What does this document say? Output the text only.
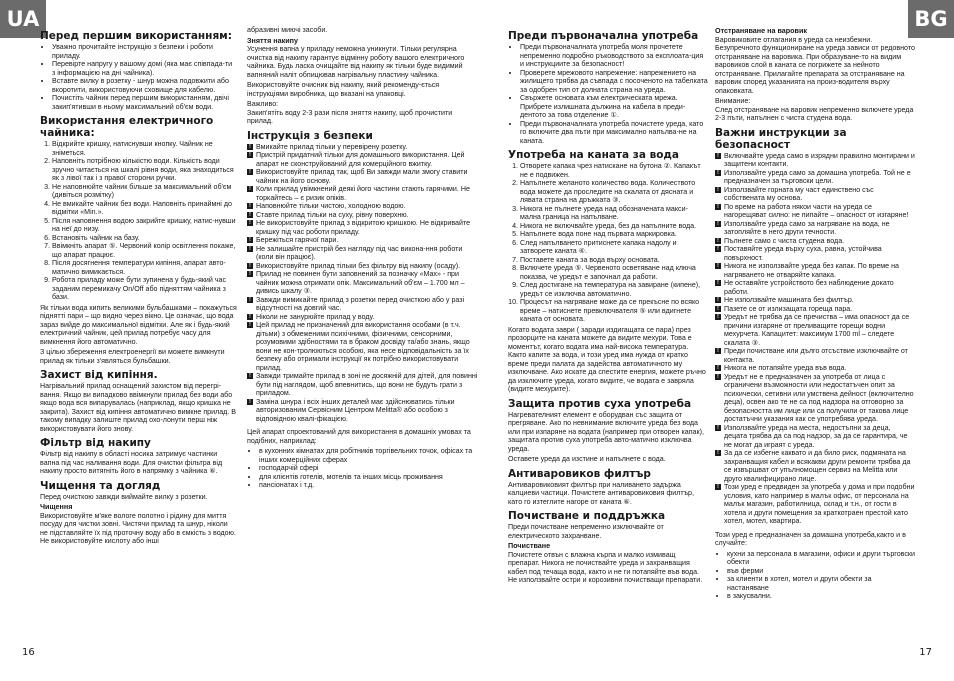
UA	BG
Перед першим використанням:
• Уважно прочитайте інструкцію з безпеки і роботи приладу.
• Перевірте напругу у вашому домі (яка має співпада-ти з інформацією на дні чайника).
• Вставте вилку в розетку - шнур можна подовжити або вкоротити, використовуючи сховище для кабелю.
• Почистіть чайник перед першим використанням, двічі закип'ятивши в ньому максимальний об'єм води.
Використання електричного чайника:
1. Відкрийте кришку, натиснувши кнопку. Чайник не зніметься.
2. Наповніть потрібною кількістю води. Кількість води зручно читається на шкалі рівня води, яка знаходиться як з лівої так і з правої сторони ручки.
3. Не наповнюйте чайник більше за максимальний об'єм (дивіться розмітку)
4. Не вмикайте чайник без води. Наповніть принаймні до відмітки «Min.».
5. Після наповнення водою закрийте кришку, натис-нувши на неї до низу.
6. Встановіть чайник на базу.
7. Ввімкніть апарат ⑤. Червоний колір освітлення покаже, що апарат працює.
8. Після досягнення температури кипіння, апарат авто-матично вимикається.
9. Робота приладу може бути зупинена у будь-який час заданим перемикачу On/Off або підняттям чайника з бази.

Як тільки вода кипить великими бульбашками – покажуться піднятті пари – що видно через вікно. Це означає, що вода зараз вийде до максимальної відмітки. Але як і будь-який електричний чайник, цей прилад потребує часу для вимкнення його автоматично.

З цілью збереження електроенергії ви можете вимкнути прилад як тільки з'являться бульбашки.

Захист від кипіння.

Нагрівальний прилад оснащений захистом від перегрі-вання. Якщо ви випадково ввімкнули прилад без води або якщо вода вся випарувалась (наприклад, якщо кришка не закрита). Захист від кипіння автоматично вимкне прилад. В такому випадку залиште прилад охо-лонути перш ніж використовувати його знову.

Фільтр від накипу

Фільтр від накипу в області носика затримує частинки вапна під час наливання води. Для очистки фільтра від накипу просто витягніть його в напрямку з чайника ⑥.

Чищення та догляд

Перед очисткою завжди виймайте вилку з розетки.

Чищення

Використовуйте м'яке вологе полотно і рідину для миття посуду для чистки зовні. Чистячи прилад та шнур, ніколи не підставляйте їх під проточну воду або в ємкість з водою. Не використовуйте кислоту або інші

абразивні миючі засоби.

Зняття накипу

Усунення вапна у приладу неможна уникнути. Тільки регулярна очистка від накипу гарантує відмінну роботу вашого електричного чайника. Будь ласка очищайте від накипу як тільки буде видимий вапняний наліт обпицював нагрівальну пластину чайника.

Використовуйте очисник від накипу, який рекоменду-ється інструкціями виробника, що вказані на упаковці.

Важливо:

Закип'ятіть воду 2-3 рази після зняття накипу, щоб прочистити прилад.

Інструкція з безпеки
! Вмикайте прилад тільки у перевірену розетку.
! Пристрій придатний тільки для домашнього використання. Цей апарат не сконструйований для комерційного вжитку.
! Використовуйте прилад так, щоб Ви завжди мали змогу ставити чайник на його основу.
! Коли прилад увімкнений деякі його частини стають гарячими. Не торкайтесь – є ризик опіків.
! Наповнюйте тільки чистою, холодною водою.
! Ставте прилад тільки на суху, рівну поверхню.
! Не використовуйте прилад з відкритою кришкою. Не відкривайте кришку під час роботи приладу.
! Бережіться гарячої пари.
! Не залишайте пристрій без нагляду під час викона-ння роботи (коли він працює).
! Використовуйте прилад тільки без фільтру від накипу (осаду).
! Прилад не повинен бути заповнений за позначку «Max» - при чайник можна отримати опік. Максимальний об'єм – 1.700 мл – дивись шкалу ③.
! Завжди вимикайте прилад з розетки перед очисткою або у разі відсутності на довгий час.
! Ніколи не занурюйте прилад у воду.
! Цей прилад не призначений для використання особами (в т.ч. дітьми) з обмеженими психічними, фізичними, сенсорними, розумовими здібностями та в браком досвіду та/або знань, якщо вони не кон-тролюються особою, яка несе відповідальність за їх безпеку або отримали інструкції як потрібно використовувати прилад.
! Завжди тримайте прилад в зоні не досяжній для дітей, для повинні бути під наглядом, щоб впевнитись, що вони не будуть грати з приладом.
! Заміна шнура і всіх інших деталей має здійснюватись тільки авторизованим Сервісним Центром Melitta® або особою з відповідною квалі-фікацією.

Цей апарат спроектований для використання в домашніх умовах та подібних, наприклад:

• в кухонних кімнатах для робітників торгівельних точок, офісах та інших комерційних сферах
• господарчій сфері
• для клієнтів готелів, мотелів та інших місць проживання
• пансіонатах і т.д.
Преди първоначална употреба
• Преди първоначалната употреба моля прочетете непременно подробно ръководството за експлоата-ция и инструкциите за безопасност!
• Проверете мрежовото напрежение: напрежението на жилището трябва да съвпада с посоченото на табелката за одобрен тип от долната страна на уреда.
• Свържете основата към електрическата мрежа. Прибрете излишната дължина на кабела в преди-дентото за това отделение ①.
• Преди първоначалната употреба почистете уреда, като го включите два пъти при максимално напълва-не на каната.
Употреба на каната за вода
1. Отворете капака чрез натискане на бутона ②. Капакът не е подвижен.
2. Напълнете желаното количество вода. Количеството вода можете да проследите на скалата от дясната и лявата страна на дръжката ③.
3. Никога не пълнете уреда над обозначената макси-мална граница на напълване.
4. Никога не включвайте уреда, без да напълните вода.
5. Напълнете вода поне над първата маркировка.
6. След напълването притиснете капака надолу и затворете каната ④.
7. Поставете каната за вода върху основата.
8. Включете уреда ⑤. Червеното осветяване над ключа показва, че уредът е започнал да работи.
9. След достигане на температура на завиране (кипене), уредът се изключва автоматично.
10. Процесът на нагряване може да се прекъсне по всяко време – натиснете превключвателя ⑤ или вдигнете каната от основата.

Когато водата заври ( заради издигащата се пара) през прозорците на каната можете да видите мехури. Това е моментът, когато водата има най-висока температура. Както капите за вода, и този уред има нужда от кратко време преди палата да задейства автоматичното му изключване. Ако искате да спестите енергия, можете ръчно да изключите уреда, когато видите, че водата е завряла (видите мехурите).

Защита против суха употреба

Нагревателният елемент е оборудван със защита от прегряване. Ако по невнимание включите уреда без вода или при изпаряне на водата (например при отворен капак), защитата против суха употреба авто-матично изключва уреда.

Оставете уреда да изстине и напълнете с вода.

Антиваровиков филтър

Антиваровиковият филтър при наливането задържа калциеви частици. Почистете антиваровиковия филтър, като го изтеглите нагоре от каната ⑥.

Почистване и поддръжка

Преди почистване непременно изключвайте от електрическото захранване.

Почистване

Почистете отвън с влажна кърпа и малко измиващ препарат. Никога не почиствайте уреда и захранващия кабел под течаща вода, както и не ги потапяйте във вода. Не използвайте остри и корозивни почистващи препарати.

Отстраняване на варовик

Варовиковите отлагания в уреда са неизбежни. Безупречното функциониране на уреда зависи от редовното отстраняване на варовика. При образуване-то на видим варовиков слой в каната се погрижете за нейното отстраняване. Прилагайте препарата за отстраняване на варовик според указанията на произ-водителя върху опаковката.

Внимание:

След отстраняване на варовик непременно включете уреда 2-3 пъти, напълнен с чиста студена вода.

Важни инструкции за безопасност
! Включвайте уреда само в изрядни правилно монтирани и защитени контакти.
! Използвайте уреда само за домашна употреба. Той не е предназначен за търговски цели.
! Използвайте горната му част единствено със собствената му основа.
! По време на работа някои части на уреда се нагорещяват силно: не пипайте – опасност от изгаряне!
! Използвайте уреда само за нагряване на вода, не затопляйте в него други течности.
! Пълнете само с чиста студена вода.
! Поставяйте уреда върху суха, равна, устойчива повърхност.
! Никога не използвайте уреда без капак. По време на нагряването не отваряйте капака.
! Не оставяйте устройството без наблюдение докато работи.
! Не използвайте машината без филтър.
! Пазете се от излизащата гореща пара.
! Уредът не трябва да се пречиства – има опасност да се причини изгаряне от преливащите горещи водни мехурчета. Капацитет: максимум 1700 ml – следете скалата ③.
! Преди почистване или дълго отсъствие изключвайте от контакта.
! Никога не потапяйте уреда във вода.
! Уредът не е предназначен за употреба от лица с ограничени възможности или недостатъчен опит за психически, сетивни или умствена дейност (включително деца), освен ако те не са под надзора на отговорно за безопасността им лице или са получили от такова лице достатъчни указания как се употребява уреда.
! Използвайте уреда на места, недостъпни за деца, децата трябва да са под надзор, за да се гарантира, че не могат да играят с уреда.
! За да се избегне каквато и да било риск, подмяната на захранващия кабел и всякакви други ремонти трябва да се извършват от упълномощен сервиз на Melitta или друго квалифицирано лице.
! Този уред е предвиден за употреба у дома и при подобни условия, като например в малък офис, от персонала на малък магазин, работилница, склад и т.н., от гости в хотела и други помещения за краткотраен престой като хотел, мотел, квартира.

Този уред е предназначен за домашна употреба,както и в случайте:

• кухни за персонала в магазини, офиси и други търговски обекти
• във ферми
• за клиенти в хотел, мотел и други обекти за настаняване
• в закусвални.
16	17
